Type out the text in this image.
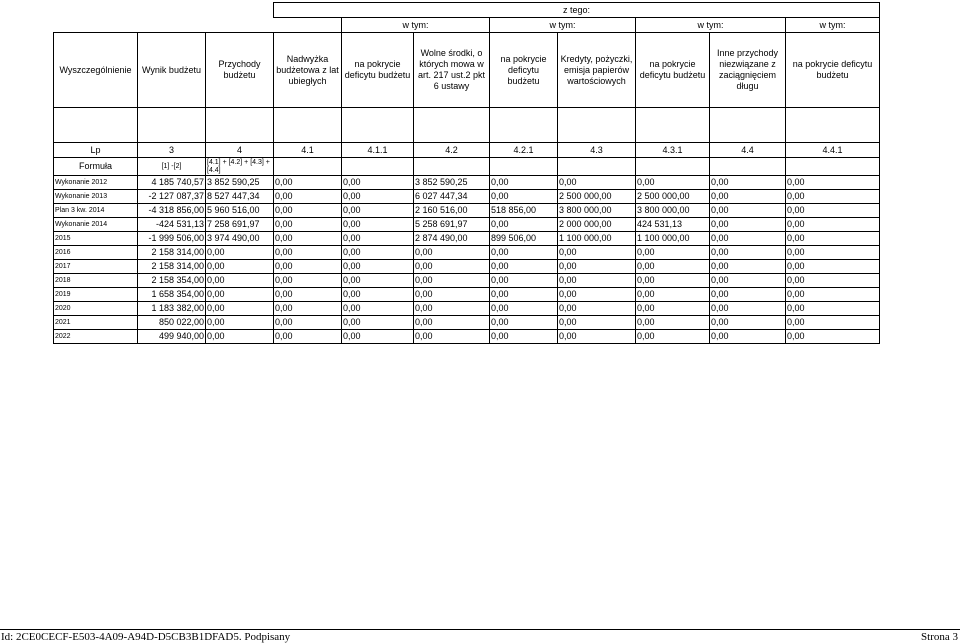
			z tego:							
				w tym:		w tym:		w tym:		w tym:
Wyszczególnienie	Wynik budżetu	Przychody budżetu	Nadwyżka budżetowa z lat ubiegłych	na pokrycie deficytu budżetu	Wolne środki, o których mowa w art. 217 ust.2 pkt 6 ustawy	na pokrycie deficytu budżetu	Kredyty, pożyczki, emisja papierów wartościowych	na pokrycie deficytu budżetu	Inne przychody niezwiązane z zaciągnięciem długu	na pokrycie deficytu budżetu

Lp	3	4	4.1	4.1.1	4.2	4.2.1	4.3	4.3.1	4.4	4.4.1
Formuła	[1] -[2]	[4.1] + [4.2] + [4.3] + [4.4]								
Wykonanie 2012	4 185 740,57	3 852 590,25	0,00	0,00	3 852 590,25	0,00	0,00	0,00	0,00	0,00
Wykonanie 2013	-2 127 087,37	8 527 447,34	0,00	0,00	6 027 447,34	0,00	2 500 000,00	2 500 000,00	0,00	0,00
Plan 3 kw. 2014	-4 318 856,00	5 960 516,00	0,00	0,00	2 160 516,00	518 856,00	3 800 000,00	3 800 000,00	0,00	0,00
Wykonanie 2014	-424 531,13	7 258 691,97	0,00	0,00	5 258 691,97	0,00	2 000 000,00	424 531,13	0,00	0,00
2015	-1 999 506,00	3 974 490,00	0,00	0,00	2 874 490,00	899 506,00	1 100 000,00	1 100 000,00	0,00	0,00
2016	2 158 314,00	0,00	0,00	0,00	0,00	0,00	0,00	0,00	0,00	0,00
2017	2 158 314,00	0,00	0,00	0,00	0,00	0,00	0,00	0,00	0,00	0,00
2018	2 158 354,00	0,00	0,00	0,00	0,00	0,00	0,00	0,00	0,00	0,00
2019	1 658 354,00	0,00	0,00	0,00	0,00	0,00	0,00	0,00	0,00	0,00
2020	1 183 382,00	0,00	0,00	0,00	0,00	0,00	0,00	0,00	0,00	0,00
2021	850 022,00	0,00	0,00	0,00	0,00	0,00	0,00	0,00	0,00	0,00
2022	499 940,00	0,00	0,00	0,00	0,00	0,00	0,00	0,00	0,00	0,00
Id: 2CE0CECF-E503-4A09-A94D-D5CB3B1DFAD5. Podpisany	Strona 3
